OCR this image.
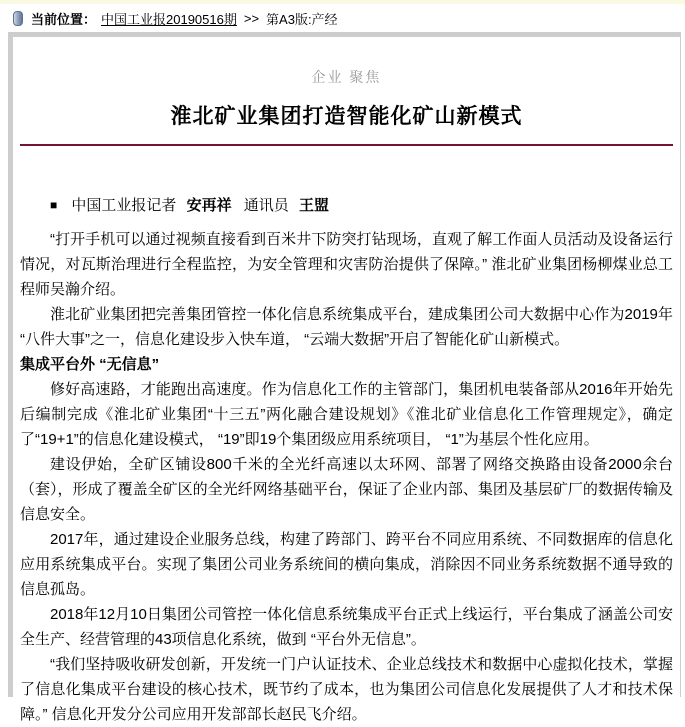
当前位置： 中国工业报20190516期 >> 第A3版:产经
企业 聚焦
淮北矿业集团打造智能化矿山新模式

■ 中国工业报记者 安再祥 通讯员 王盟

“打开手机可以通过视频直接看到百米井下防突打钻现场，直观了解工作面人员活动及设备运行情况，对瓦斯治理进行全程监控，为安全管理和灾害防治提供了保障。” 淮北矿业集团杨柳煤业总工程师吴瀚介绍。

淮北矿业集团把完善集团管控一体化信息系统集成平台，建成集团公司大数据中心作为2019年 “八件大事”之一，信息化建设步入快车道， “云端大数据”开启了智能化矿山新模式。

集成平台外 “无信息”

修好高速路，才能跑出高速度。作为信息化工作的主管部门，集团机电装备部从2016年开始先后编制完成《淮北矿业集团“十三五”两化融合建设规划》《淮北矿业信息化工作管理规定》，确定了“19+1”的信息化建设模式， “19”即19个集团级应用系统项目， “1”为基层个性化应用。

建设伊始，全矿区铺设800千米的全光纤高速以太环网、部署了网络交换路由设备2000余台（套），形成了覆盖全矿区的全光纤网络基础平台，保证了企业内部、集团及基层矿厂的数据传输及信息安全。

2017年，通过建设企业服务总线，构建了跨部门、跨平台不同应用系统、不同数据库的信息化应用系统集成平台。实现了集团公司业务系统间的横向集成，消除因不同业务系统数据不通导致的信息孤岛。

2018年12月10日集团公司管控一体化信息系统集成平台正式上线运行，平台集成了涵盖公司安全生产、经营管理的43项信息化系统，做到 “平台外无信息”。

“我们坚持吸收研发创新，开发统一门户认证技术、企业总线技术和数据中心虚拟化技术，掌握了信息化集成平台建设的核心技术，既节约了成本，也为集团公司信息化发展提供了人才和技术保障。” 信息化开发分公司应用开发部部长赵民飞介绍。
